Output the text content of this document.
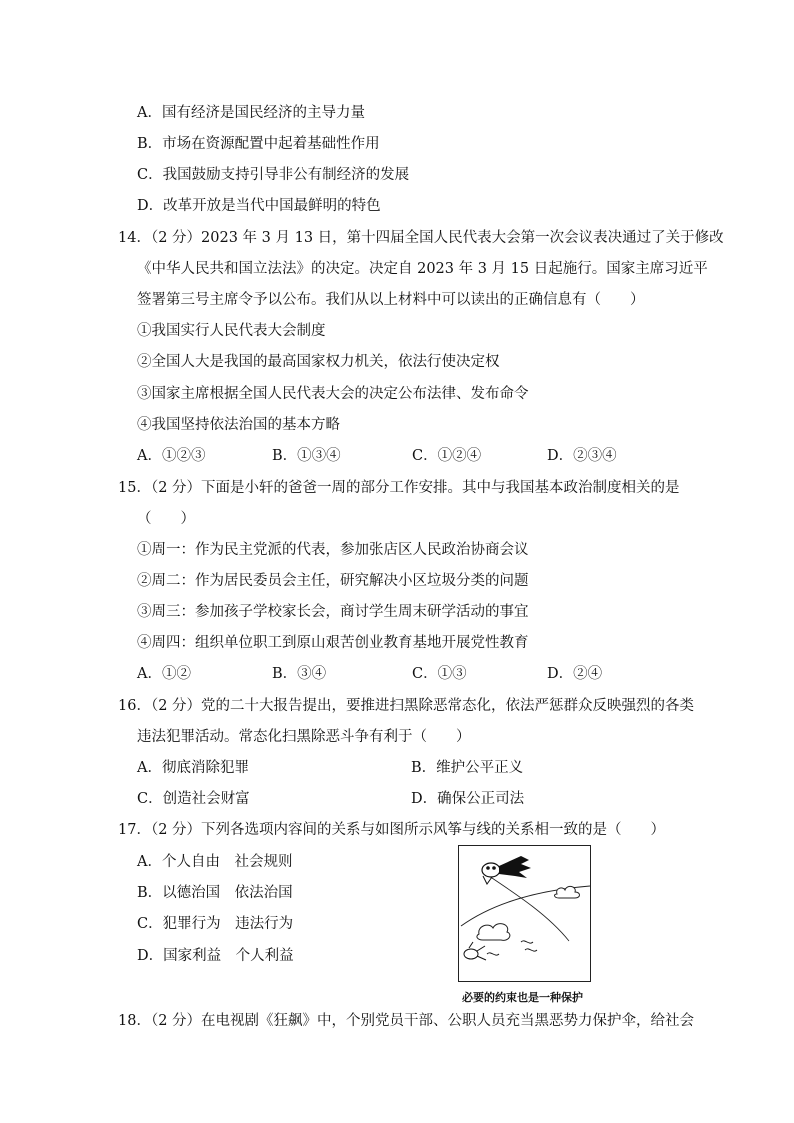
A．国有经济是国民经济的主导力量
B．市场在资源配置中起着基础性作用
C．我国鼓励支持引导非公有制经济的发展
D．改革开放是当代中国最鲜明的特色
14．（2 分）2023 年 3 月 13 日，第十四届全国人民代表大会第一次会议表决通过了关于修改
《中华人民共和国立法法》的决定。决定自 2023 年 3 月 15 日起施行。国家主席习近平
签署第三号主席令予以公布。我们从以上材料中可以读出的正确信息有（　　）
①我国实行人民代表大会制度
②全国人大是我国的最高国家权力机关，依法行使决定权
③国家主席根据全国人民代表大会的决定公布法律、发布命令
④我国坚持依法治国的基本方略
A．①②③	B．①③④	C．①②④	D．②③④
15．（2 分）下面是小轩的爸爸一周的部分工作安排。其中与我国基本政治制度相关的是
（　　）
①周一：作为民主党派的代表，参加张店区人民政治协商会议
②周二：作为居民委员会主任，研究解决小区垃圾分类的问题
③周三：参加孩子学校家长会，商讨学生周末研学活动的事宜
④周四：组织单位职工到原山艰苦创业教育基地开展党性教育
A．①②	B．③④	C．①③	D．②④
16．（2 分）党的二十大报告提出，要推进扫黑除恶常态化，依法严惩群众反映强烈的各类
违法犯罪活动。常态化扫黑除恶斗争有利于（　　）
A．彻底消除犯罪	B．维护公平正义
C．创造社会财富	D．确保公正司法
17．（2 分）下列各选项内容间的关系与如图所示风筝与线的关系相一致的是（　　）
A．个人自由　社会规则
B．以德治国　依法治国
C．犯罪行为　违法行为
D．国家利益　个人利益
必要的约束也是一种保护
18．（2 分）在电视剧《狂飙》中，个别党员干部、公职人员充当黑恶势力保护伞，给社会
